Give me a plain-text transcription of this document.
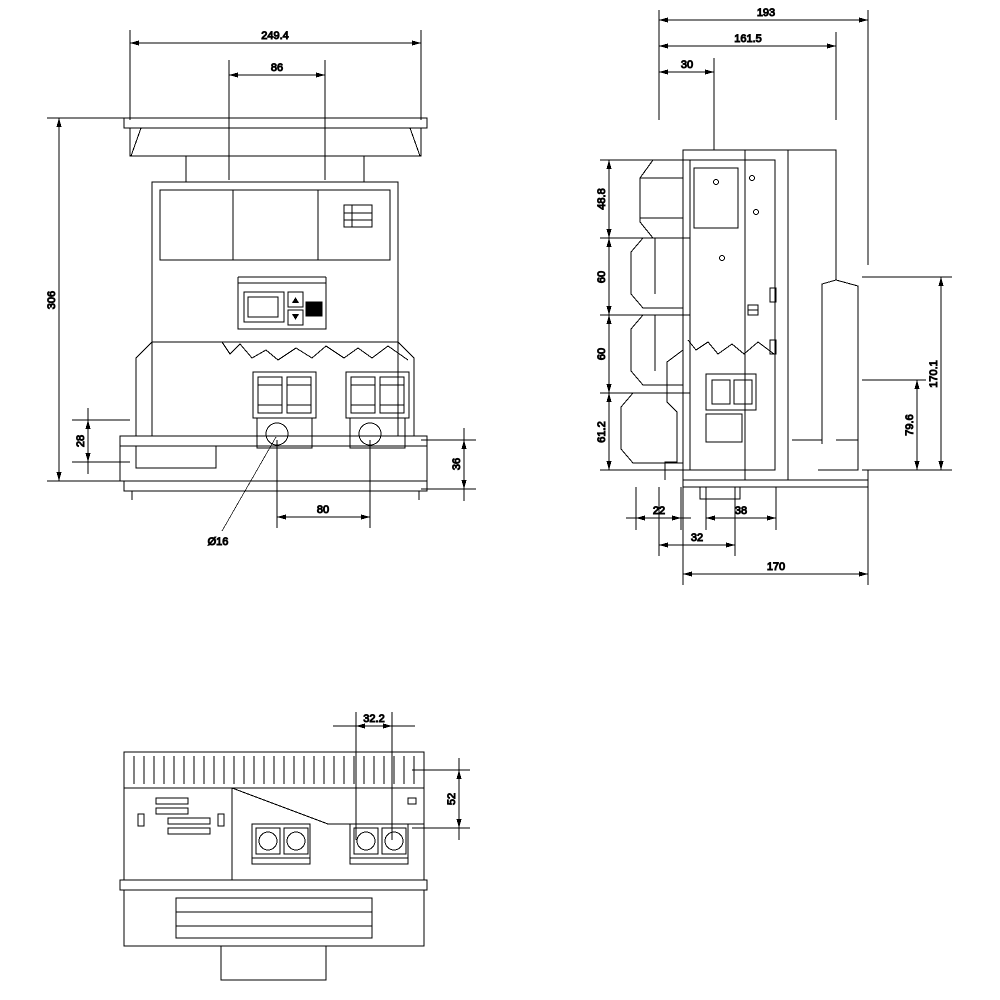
249.4
86
306
28
36
80
Ø16
193
161.5
30
48.8
60
60
61.2
170.1
79.6
22	38
32
170
32.2
52
